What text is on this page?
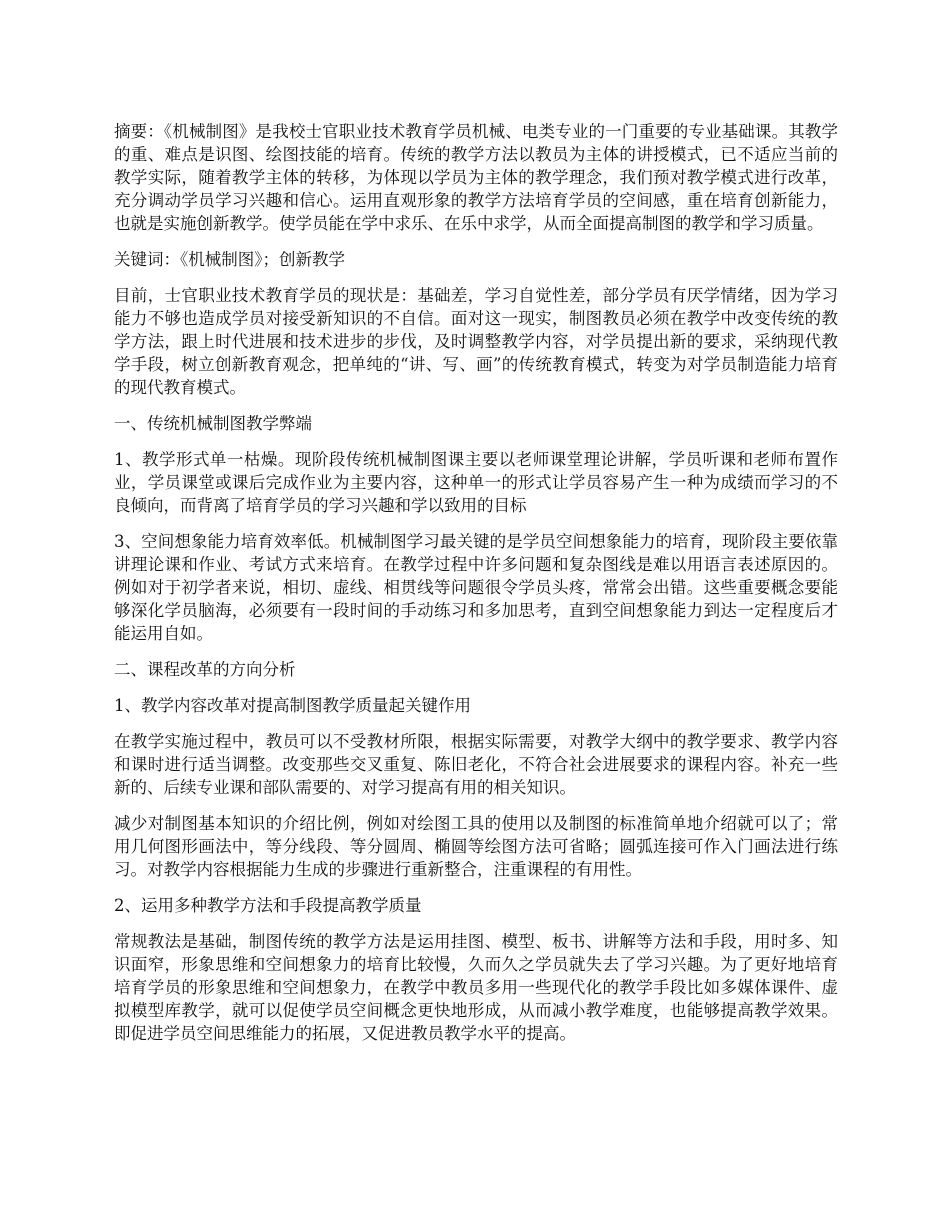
摘要：《机械制图》是我校士官职业技术教育学员机械、电类专业的一门重要的专业基础课。其教学的重、难点是识图、绘图技能的培育。传统的教学方法以教员为主体的讲授模式，已不适应当前的教学实际，随着教学主体的转移，为体现以学员为主体的教学理念，我们预对教学模式进行改革，充分调动学员学习兴趣和信心。运用直观形象的教学方法培育学员的空间感，重在培育创新能力，也就是实施创新教学。使学员能在学中求乐、在乐中求学，从而全面提高制图的教学和学习质量。

关键词：《机械制图》；创新教学

目前，士官职业技术教育学员的现状是：基础差，学习自觉性差，部分学员有厌学情绪，因为学习能力不够也造成学员对接受新知识的不自信。面对这一现实，制图教员必须在教学中改变传统的教学方法，跟上时代进展和技术进步的步伐，及时调整教学内容，对学员提出新的要求，采纳现代教学手段，树立创新教育观念，把单纯的“讲、写、画”的传统教育模式，转变为对学员制造能力培育的现代教育模式。

一、传统机械制图教学弊端

1、教学形式单一枯燥。现阶段传统机械制图课主要以老师课堂理论讲解，学员听课和老师布置作业，学员课堂或课后完成作业为主要内容，这种单一的形式让学员容易产生一种为成绩而学习的不良倾向，而背离了培育学员的学习兴趣和学以致用的目标

3、空间想象能力培育效率低。机械制图学习最关键的是学员空间想象能力的培育，现阶段主要依靠讲理论课和作业、考试方式来培育。在教学过程中许多问题和复杂图线是难以用语言表述原因的。例如对于初学者来说，相切、虚线、相贯线等问题很令学员头疼，常常会出错。这些重要概念要能够深化学员脑海，必须要有一段时间的手动练习和多加思考，直到空间想象能力到达一定程度后才能运用自如。

二、课程改革的方向分析

1、教学内容改革对提高制图教学质量起关键作用

在教学实施过程中，教员可以不受教材所限，根据实际需要，对教学大纲中的教学要求、教学内容和课时进行适当调整。改变那些交叉重复、陈旧老化，不符合社会进展要求的课程内容。补充一些新的、后续专业课和部队需要的、对学习提高有用的相关知识。

减少对制图基本知识的介绍比例，例如对绘图工具的使用以及制图的标准简单地介绍就可以了；常用几何图形画法中，等分线段、等分圆周、椭圆等绘图方法可省略；圆弧连接可作入门画法进行练习。对教学内容根据能力生成的步骤进行重新整合，注重课程的有用性。

2、运用多种教学方法和手段提高教学质量

常规教法是基础，制图传统的教学方法是运用挂图、模型、板书、讲解等方法和手段，用时多、知识面窄，形象思维和空间想象力的培育比较慢，久而久之学员就失去了学习兴趣。为了更好地培育培育学员的形象思维和空间想象力，在教学中教员多用一些现代化的教学手段比如多媒体课件、虚拟模型库教学，就可以促使学员空间概念更快地形成，从而减小教学难度，也能够提高教学效果。即促进学员空间思维能力的拓展，又促进教员教学水平的提高。
